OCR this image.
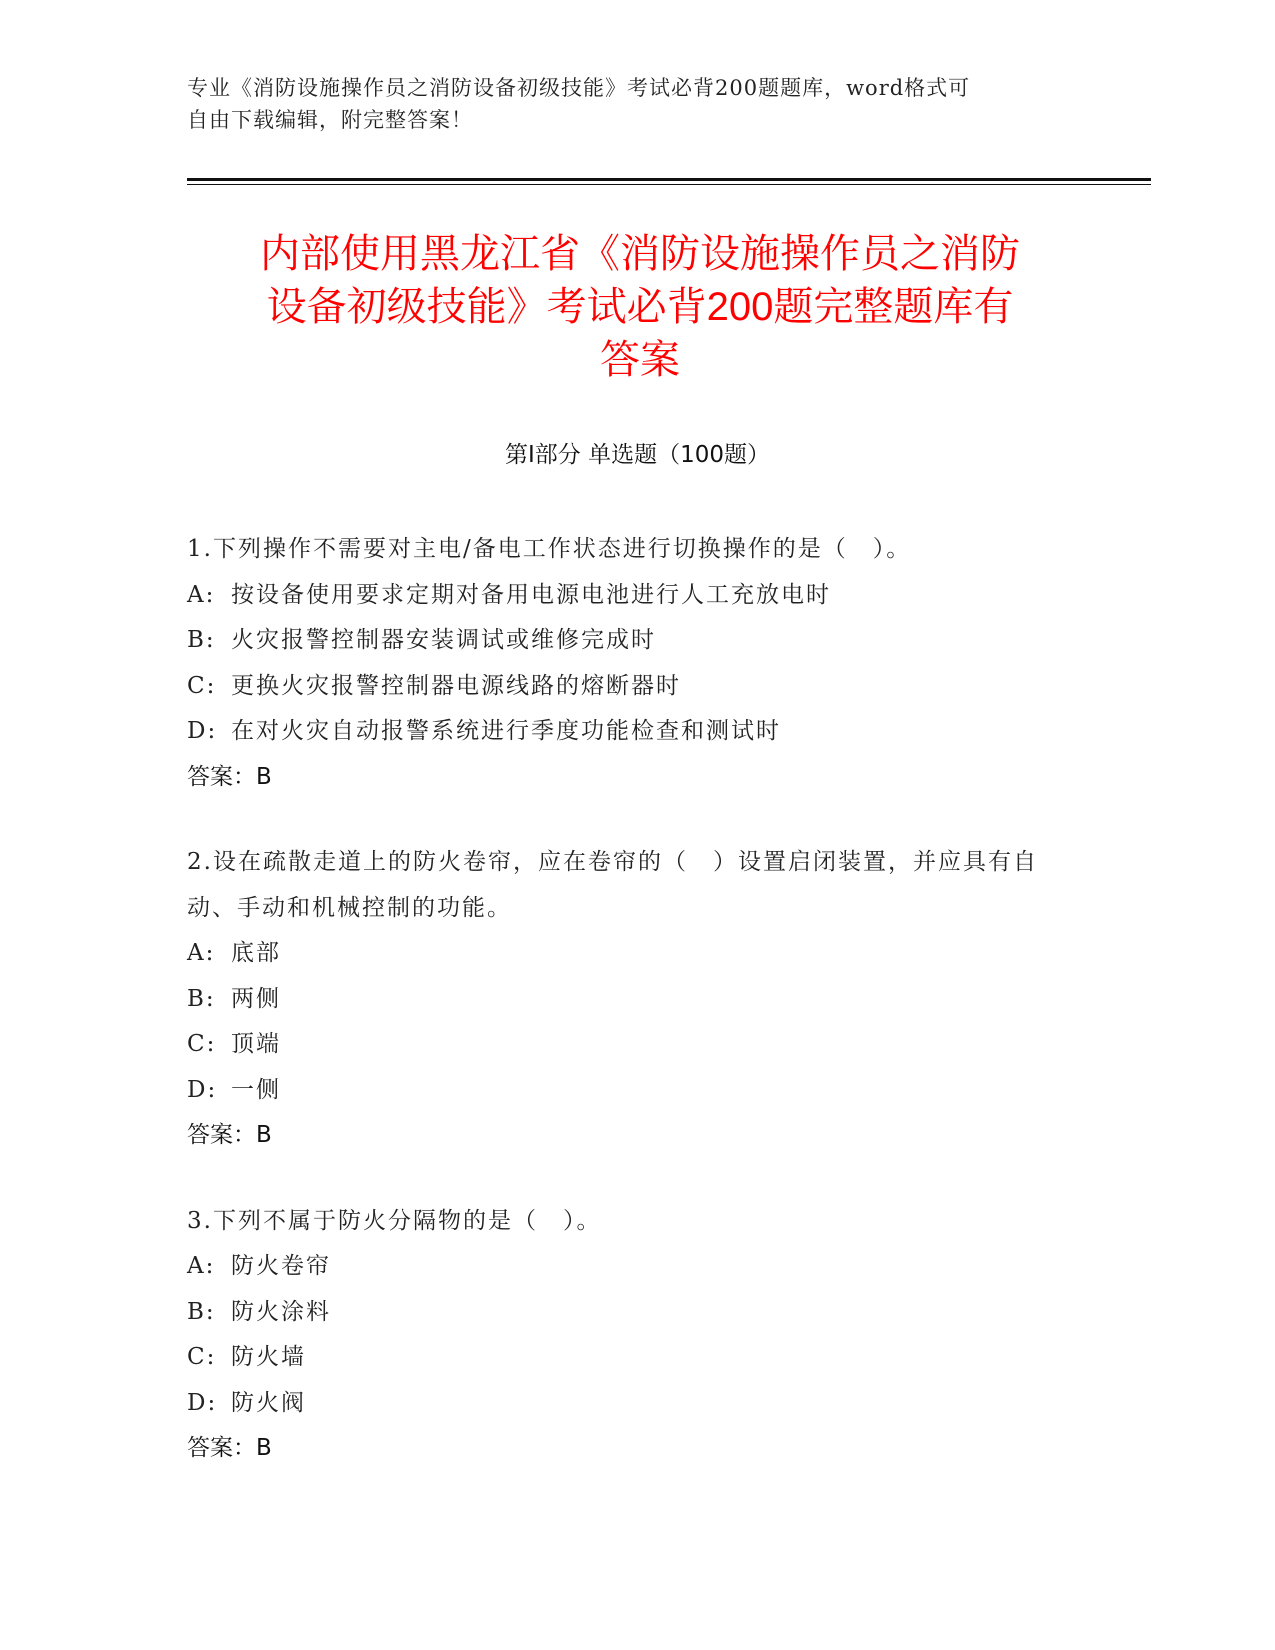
专业《消防设施操作员之消防设备初级技能》考试必背200题题库，word格式可
自由下载编辑，附完整答案！
内部使用黑龙江省《消防设施操作员之消防
设备初级技能》考试必背200题完整题库有
答案
第Ⅰ部分 单选题（100题）
1.下列操作不需要对主电/备电工作状态进行切换操作的是（　）。
A: 按设备使用要求定期对备用电源电池进行人工充放电时
B: 火灾报警控制器安装调试或维修完成时
C: 更换火灾报警控制器电源线路的熔断器时
D: 在对火灾自动报警系统进行季度功能检查和测试时
答案：B
2.设在疏散走道上的防火卷帘，应在卷帘的（　）设置启闭装置，并应具有自动、手动和机械控制的功能。
A: 底部
B: 两侧
C: 顶端
D: 一侧
答案：B
3.下列不属于防火分隔物的是（　）。
A: 防火卷帘
B: 防火涂料
C: 防火墙
D: 防火阀
答案：B
